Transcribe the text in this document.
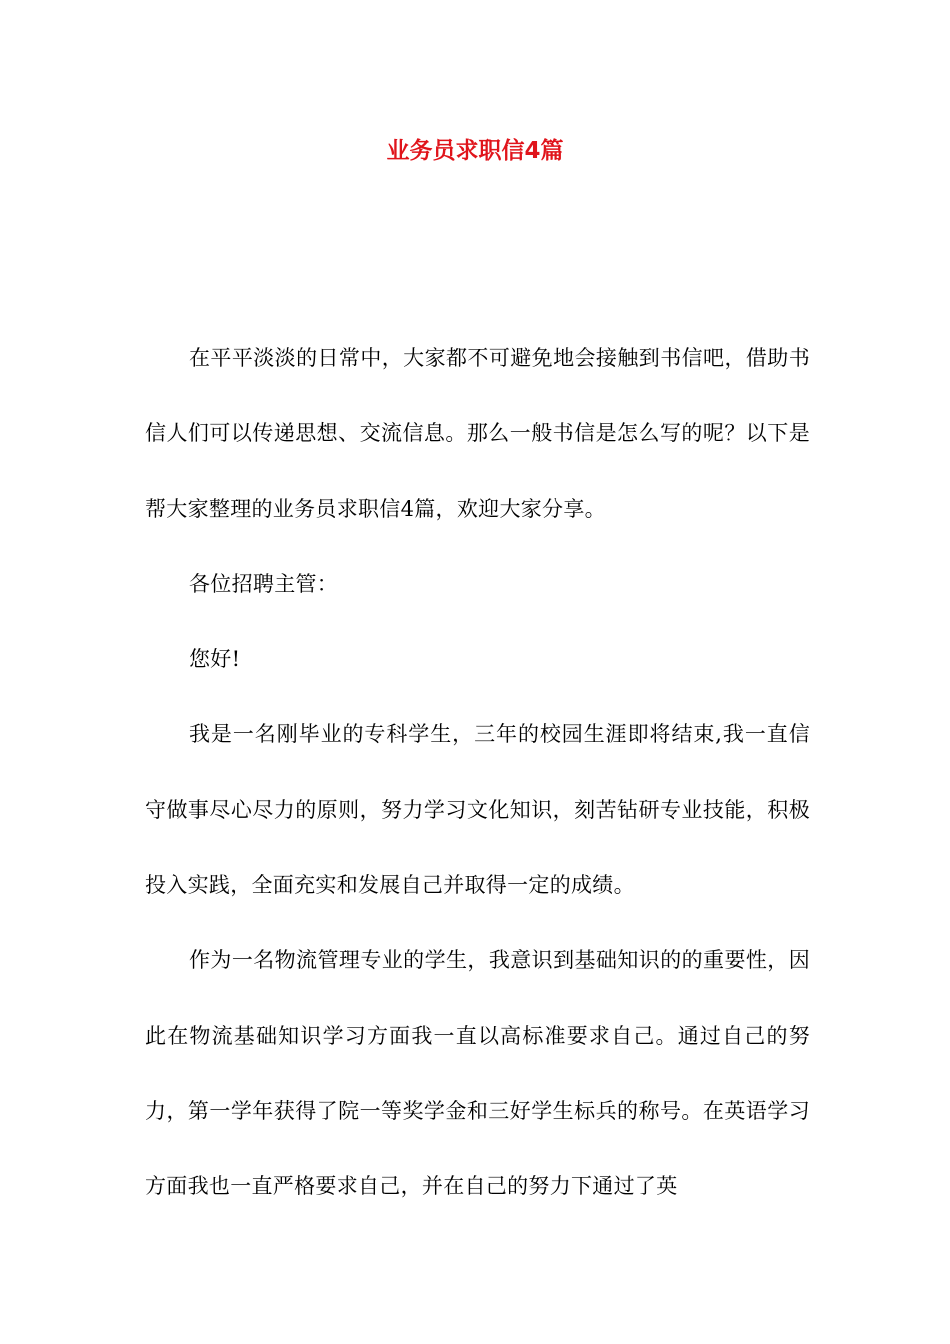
业务员求职信4篇

在平平淡淡的日常中，大家都不可避免地会接触到书信吧，借助书信人们可以传递思想、交流信息。那么一般书信是怎么写的呢？以下是帮大家整理的业务员求职信4篇，欢迎大家分享。

各位招聘主管：

您好!

我是一名刚毕业的专科学生，三年的校园生涯即将结束,我一直信守做事尽心尽力的原则，努力学习文化知识，刻苦钻研专业技能，积极投入实践，全面充实和发展自己并取得一定的成绩。

作为一名物流管理专业的学生，我意识到基础知识的的重要性，因此在物流基础知识学习方面我一直以高标准要求自己。通过自己的努力，第一学年获得了院一等奖学金和三好学生标兵的称号。在英语学习方面我也一直严格要求自己，并在自己的努力下通过了英
